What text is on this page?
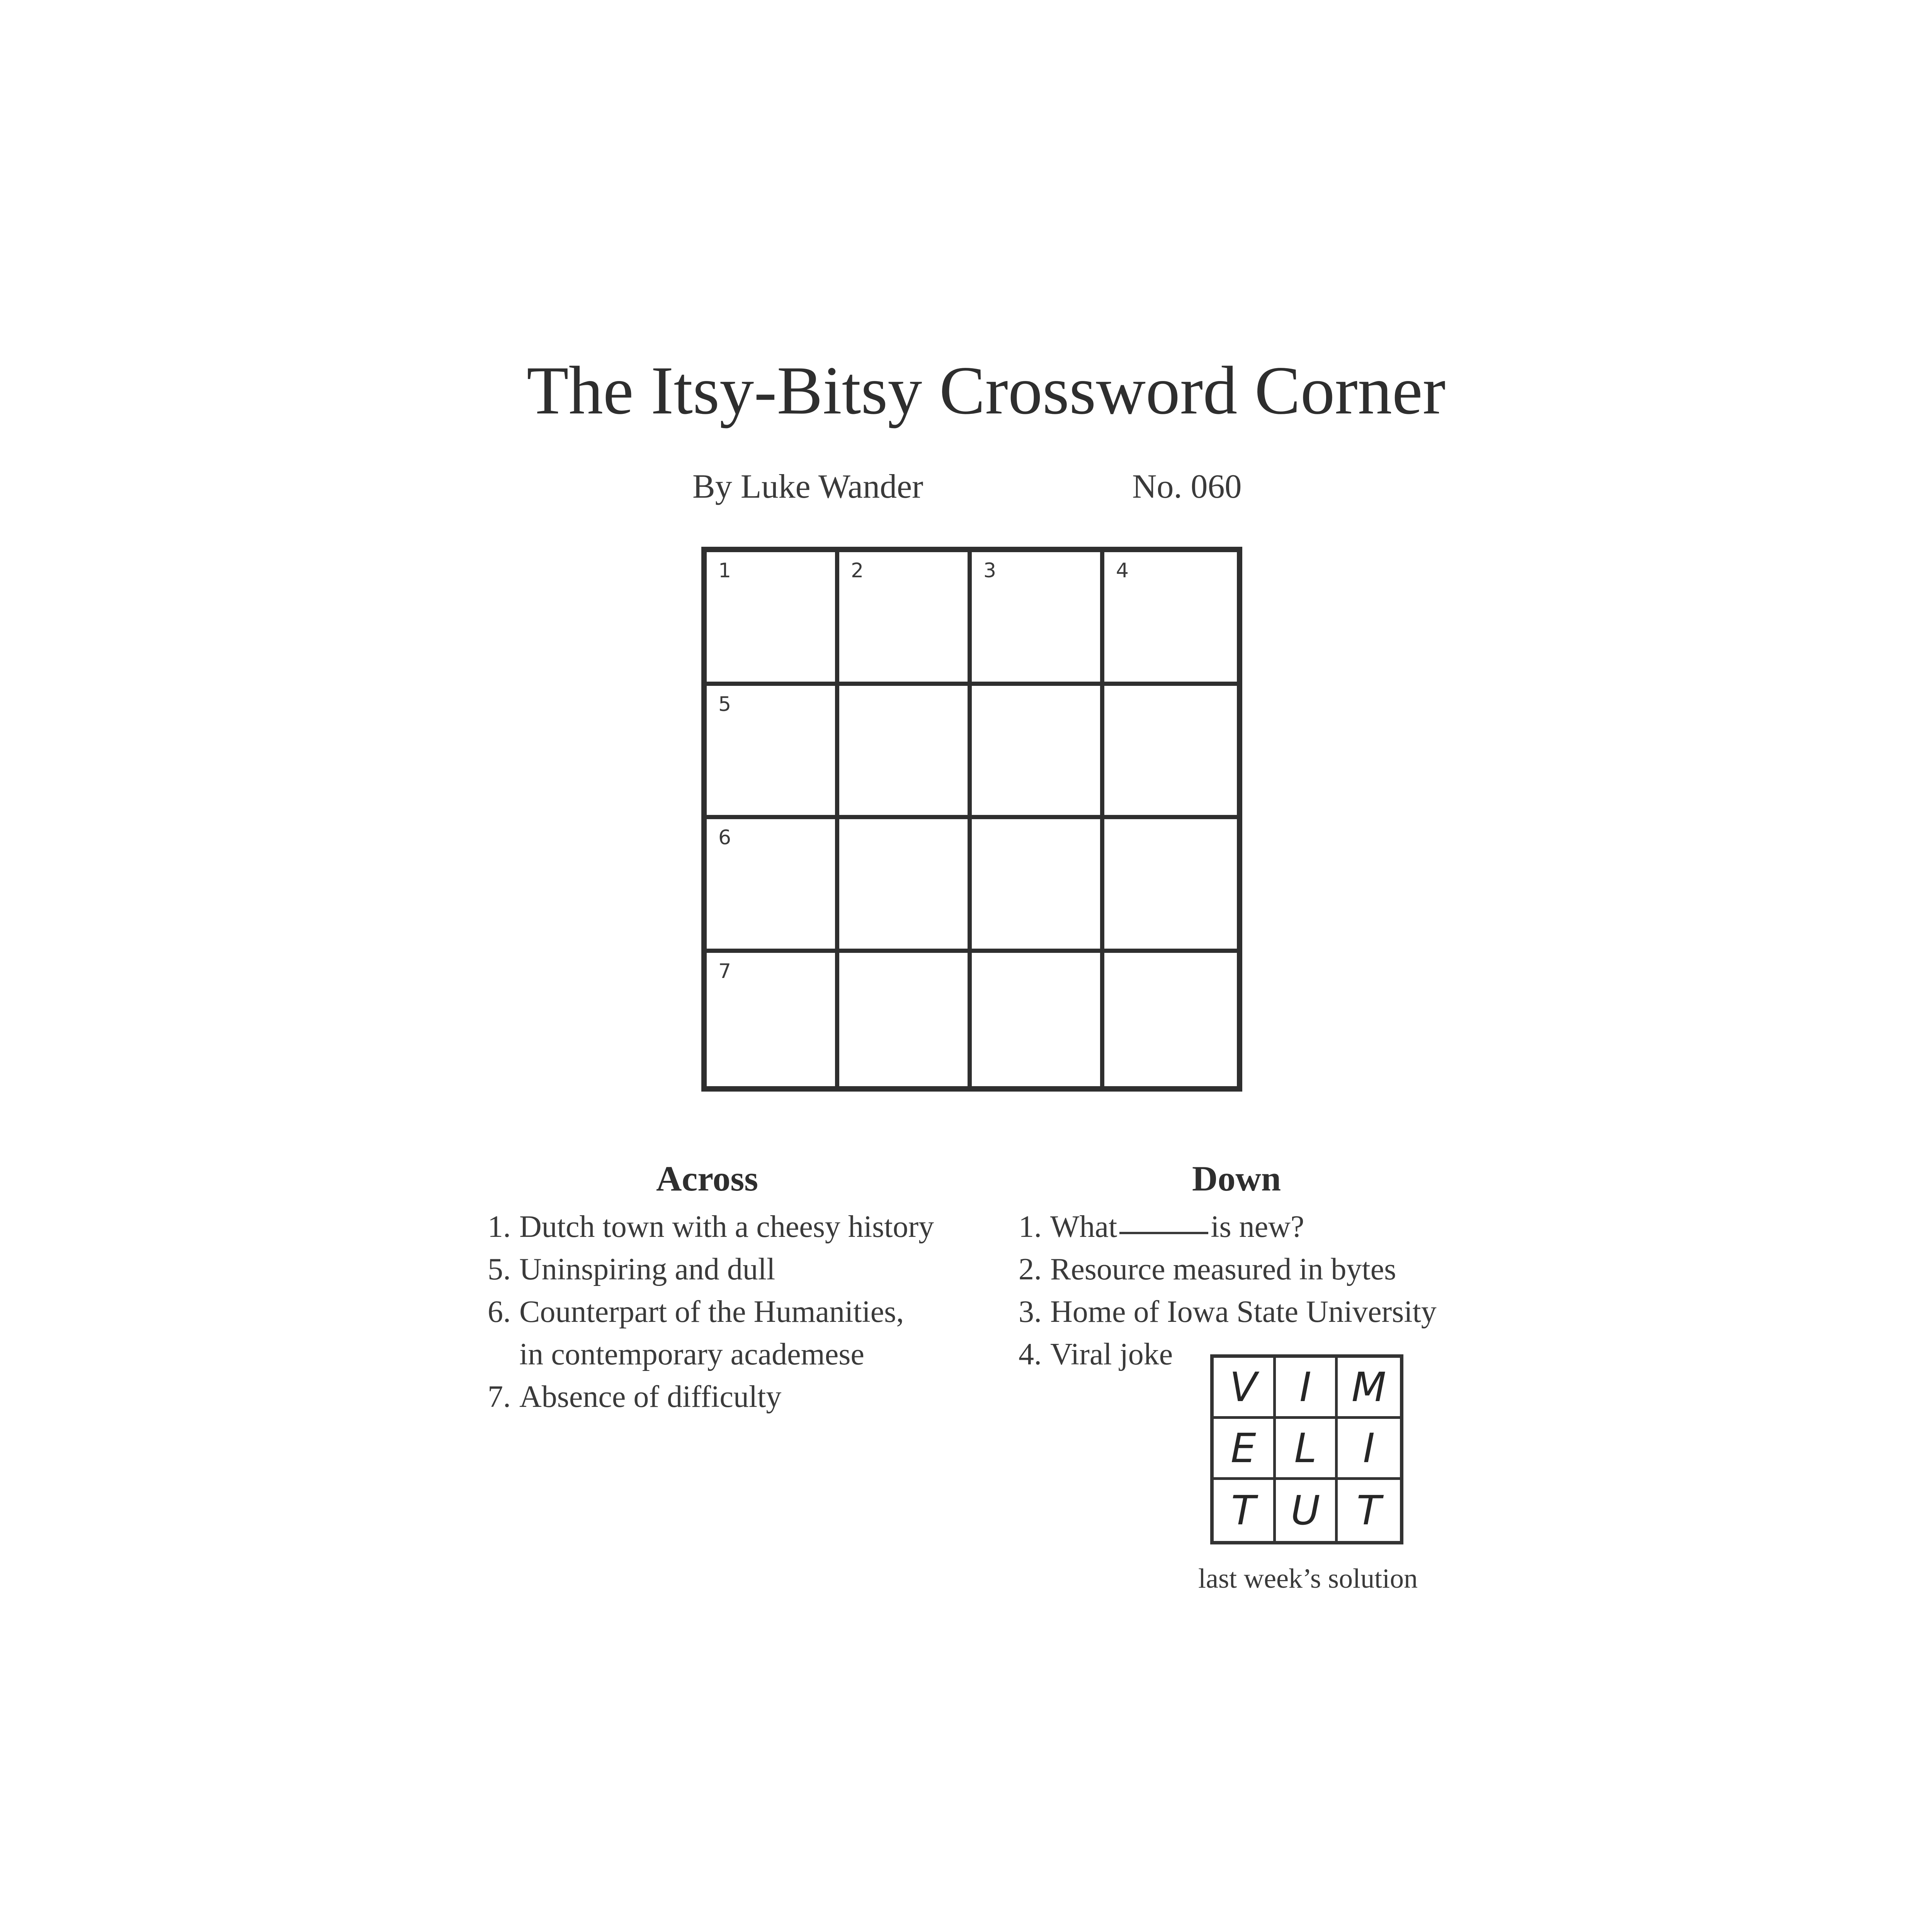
The Itsy-Bitsy Crossword Corner
By Luke Wander	No. 060
1	2	3	4
5
6
7
Across	Down
1. Dutch town with a cheesy history
5. Uninspiring and dull
6. Counterpart of the Humanities,
in contemporary academese
7. Absence of difficulty
1. What	is new?
2. Resource measured in bytes
3. Home of Iowa State University
4. Viral joke
V	I M
E L	I
T U T
last week’s solution
